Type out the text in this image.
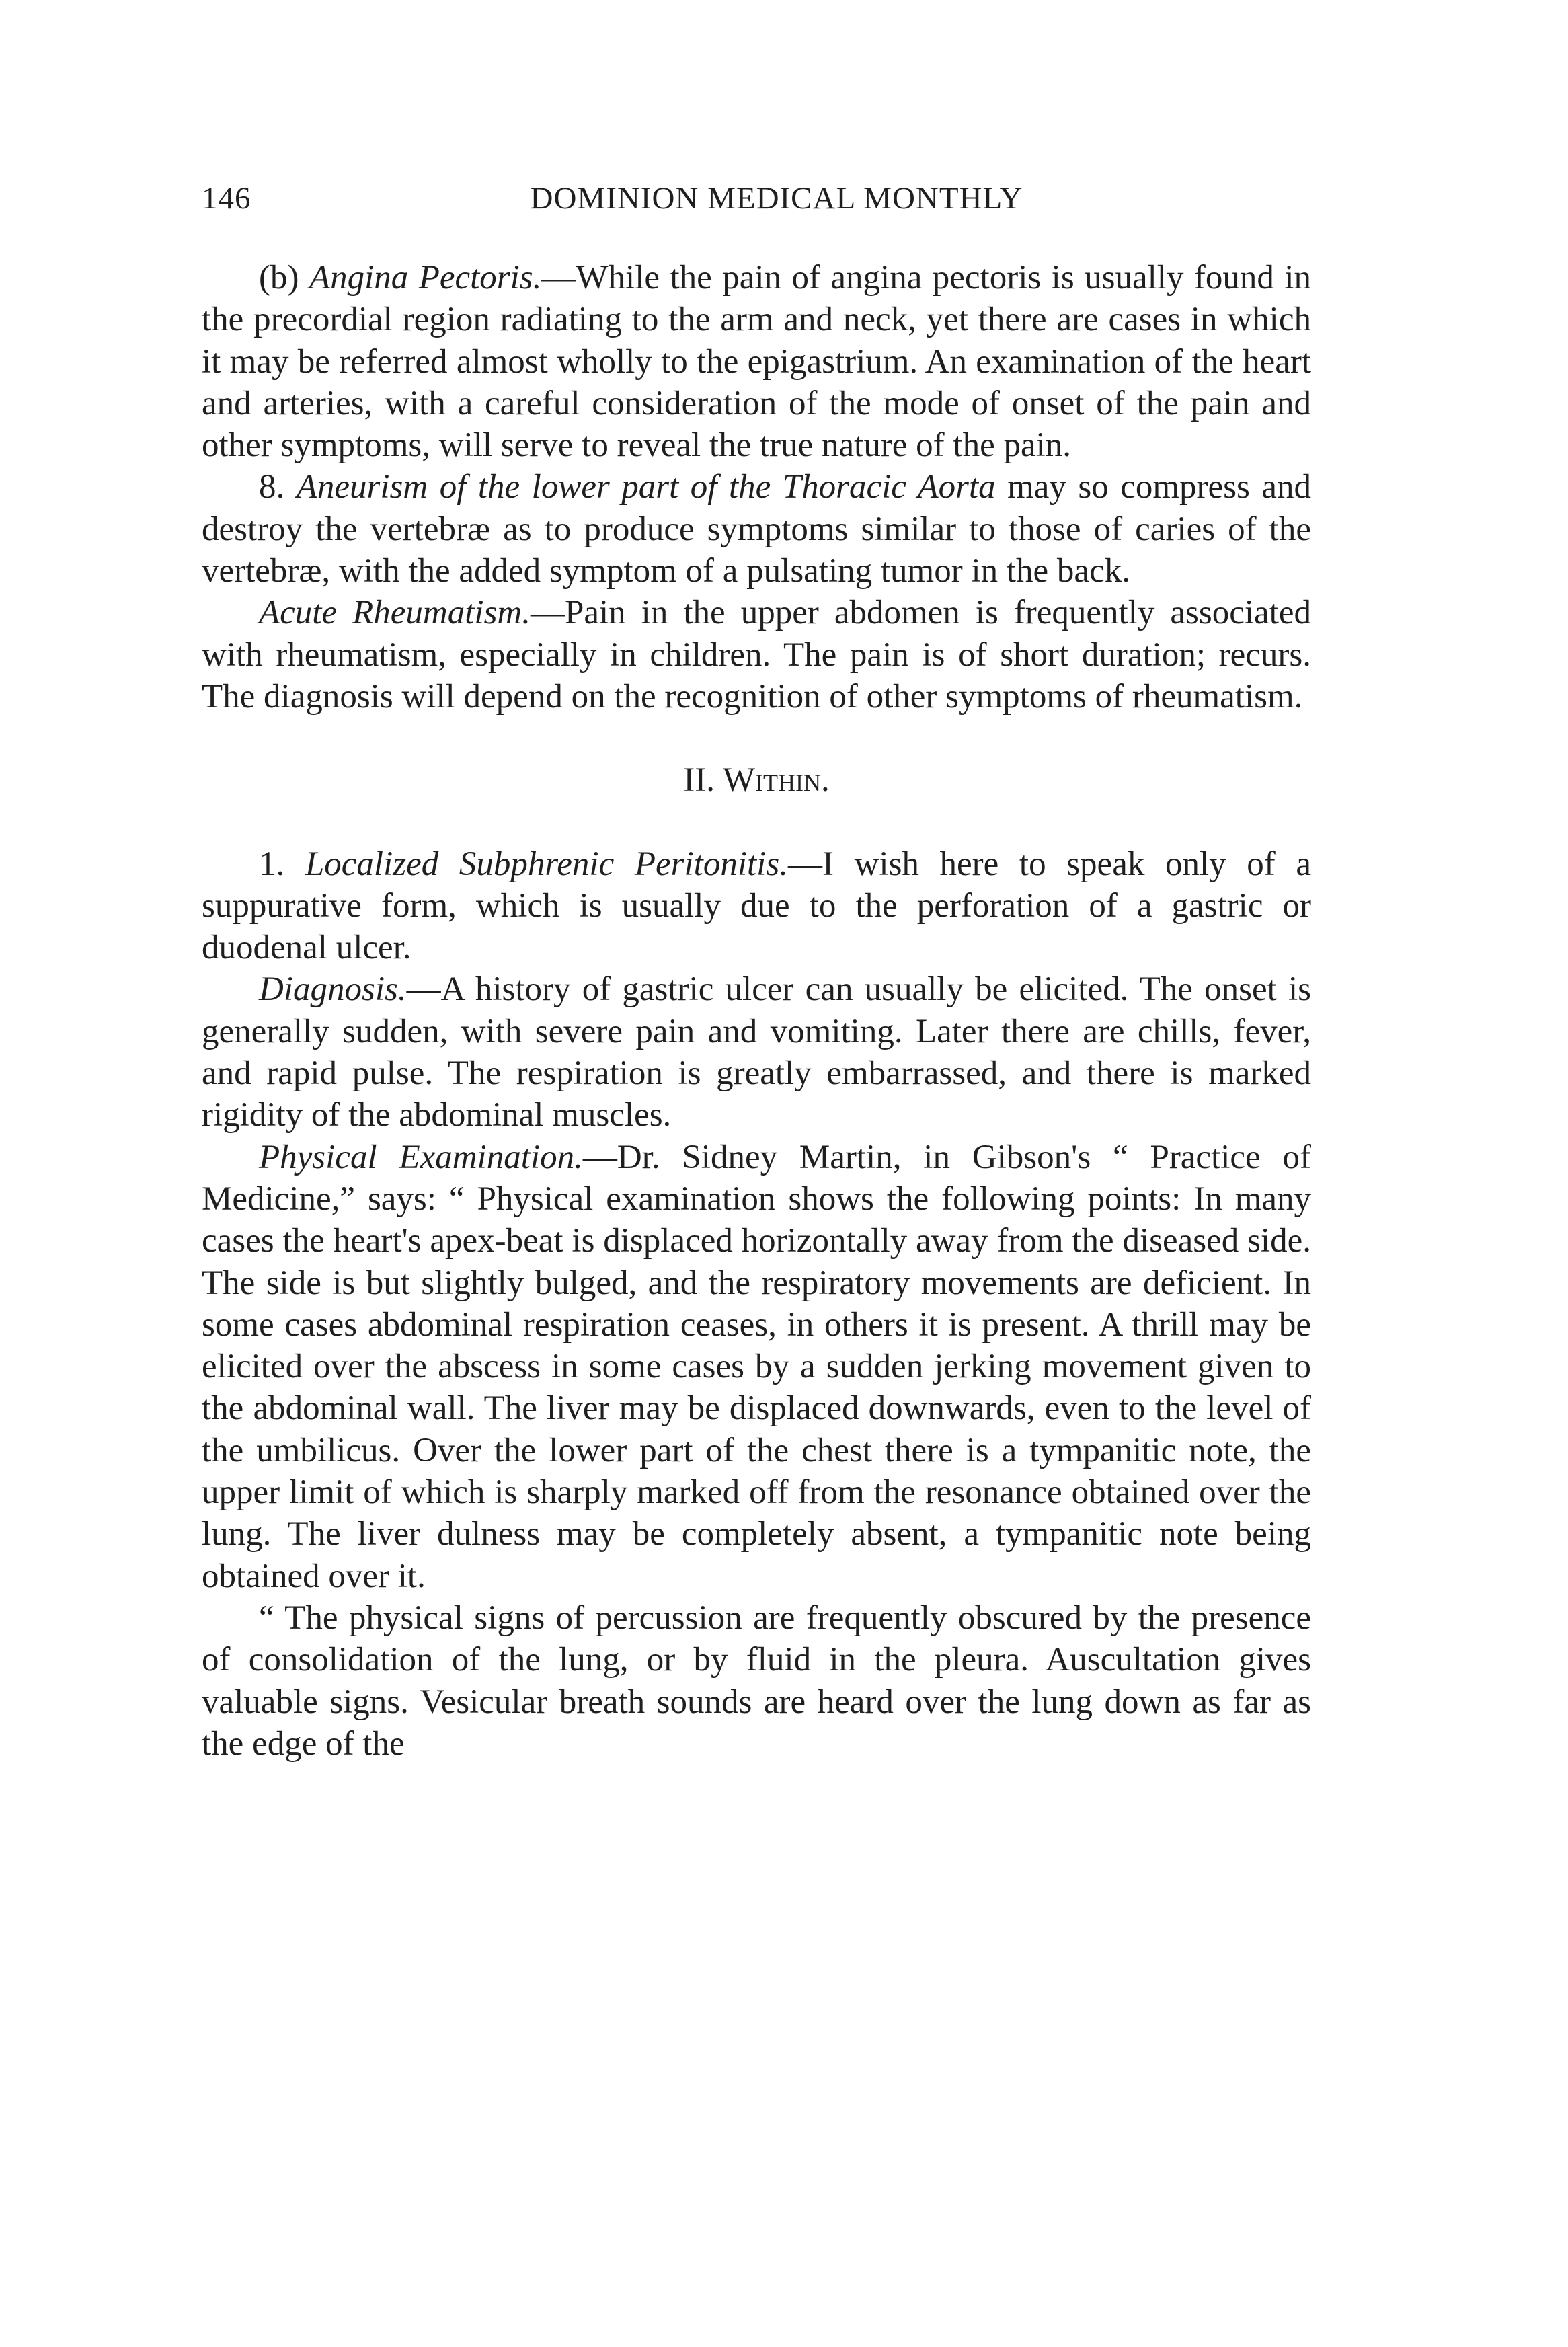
146	DOMINION MEDICAL MONTHLY

(b) Angina Pectoris.—While the pain of angina pectoris is usually found in the precordial region radiating to the arm and neck, yet there are cases in which it may be referred almost wholly to the epigastrium. An examination of the heart and arteries, with a careful consideration of the mode of onset of the pain and other symptoms, will serve to reveal the true nature of the pain.

8. Aneurism of the lower part of the Thoracic Aorta may so compress and destroy the vertebræ as to produce symptoms similar to those of caries of the vertebræ, with the added symptom of a pulsating tumor in the back.

Acute Rheumatism.—Pain in the upper abdomen is frequently associated with rheumatism, especially in children. The pain is of short duration; recurs. The diagnosis will depend on the recognition of other symptoms of rheumatism.

II. Within.

1. Localized Subphrenic Peritonitis.—I wish here to speak only of a suppurative form, which is usually due to the perforation of a gastric or duodenal ulcer.

Diagnosis.—A history of gastric ulcer can usually be elicited. The onset is generally sudden, with severe pain and vomiting. Later there are chills, fever, and rapid pulse. The respiration is greatly embarrassed, and there is marked rigidity of the abdominal muscles.

Physical Examination.—Dr. Sidney Martin, in Gibson's “ Practice of Medicine,” says: “ Physical examination shows the following points: In many cases the heart's apex-beat is displaced horizontally away from the diseased side. The side is but slightly bulged, and the respiratory movements are deficient. In some cases abdominal respiration ceases, in others it is present. A thrill may be elicited over the abscess in some cases by a sudden jerking movement given to the abdominal wall. The liver may be displaced downwards, even to the level of the umbilicus. Over the lower part of the chest there is a tympanitic note, the upper limit of which is sharply marked off from the resonance obtained over the lung. The liver dulness may be completely absent, a tympanitic note being obtained over it.

“ The physical signs of percussion are frequently obscured by the presence of consolidation of the lung, or by fluid in the pleura. Auscultation gives valuable signs. Vesicular breath sounds are heard over the lung down as far as the edge of the
